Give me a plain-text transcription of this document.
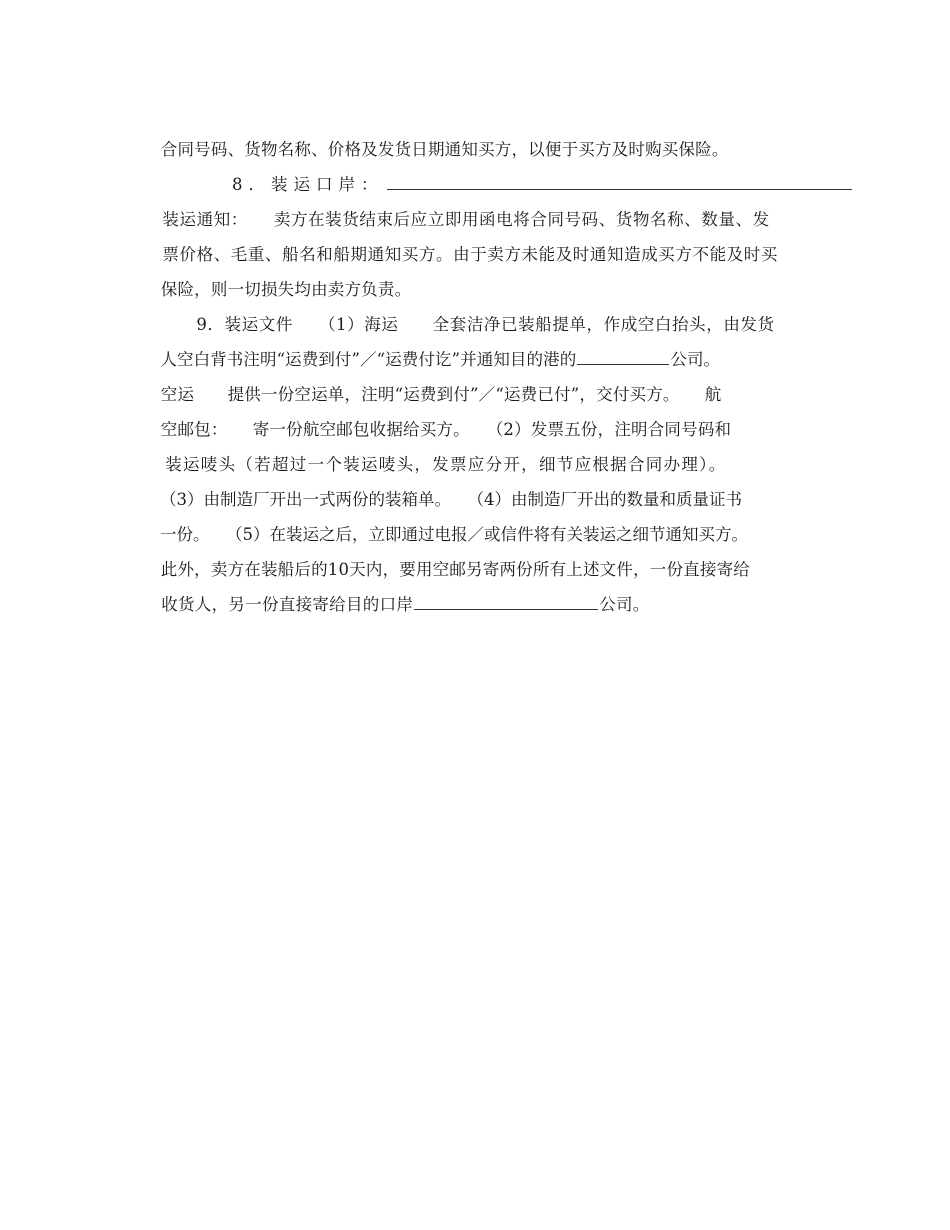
合同号码、货物名称、价格及发货日期通知买方，以便于买方及时购买保险。

8．装运口岸：

装运通知：　　卖方在装货结束后应立即用函电将合同号码、货物名称、数量、发

票价格、毛重、船名和船期通知买方。由于卖方未能及时通知造成买方不能及时买

保险，则一切损失均由卖方负责。

9．装运文件　　（1）海运　　全套洁净已装船提单，作成空白抬头，由发货

人空白背书注明“运费到付”／“运费付讫”并通知目的港的	公司。

空运　　提供一份空运单，注明“运费到付”／“运费已付”，交付买方。　　航

空邮包：　　寄一份航空邮包收据给买方。　　（2）发票五份，注明合同号码和

装运唛头（若超过一个装运唛头，发票应分开，细节应根据合同办理）。

（3）由制造厂开出一式两份的装箱单。　　（4）由制造厂开出的数量和质量证书

一份。　　（5）在装运之后，立即通过电报／或信件将有关装运之细节通知买方。

此外，卖方在装船后的10天内，要用空邮另寄两份所有上述文件，一份直接寄给

收货人，另一份直接寄给目的口岸	公司。
